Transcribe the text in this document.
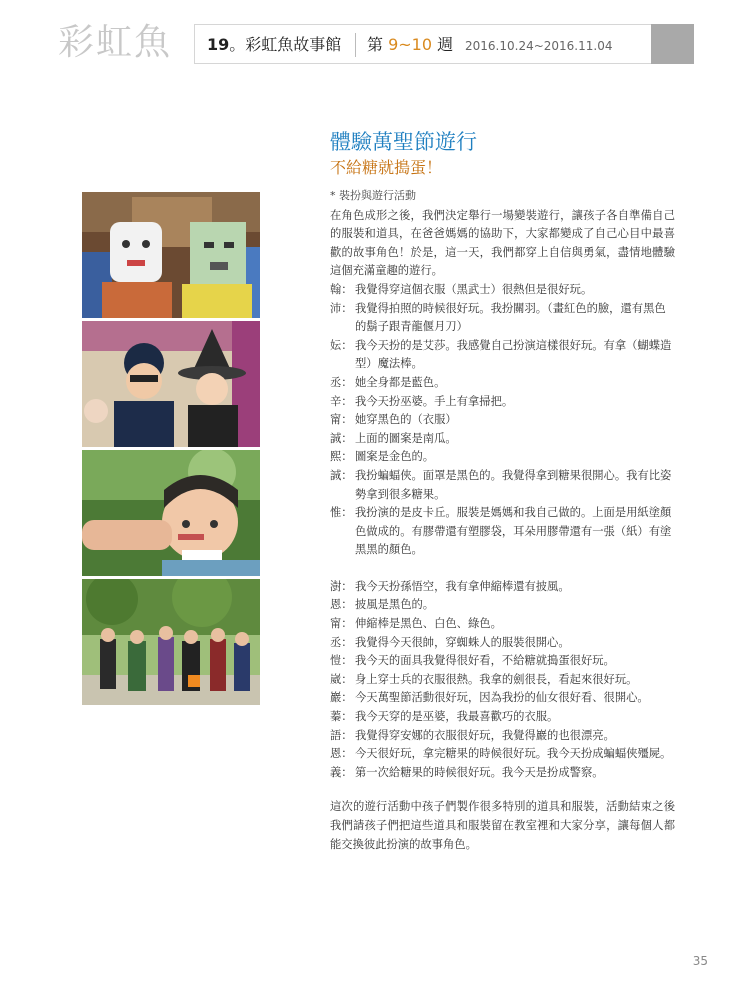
彩虹魚 19。彩虹魚故事館 第 9~10 週 2016.10.24~2016.11.04
體驗萬聖節遊行
不給糖就搗蛋！
* 裝扮與遊行活動
在角色成形之後，我們決定舉行一場變裝遊行，讓孩子各自準備自己的服裝和道具，在爸爸媽媽的協助下，大家都變成了自己心目中最喜歡的故事角色！於是，這一天，我們都穿上自信與勇氣，盡情地體驗這個充滿童趣的遊行。
翰： 我覺得穿這個衣服（黑武士）很熱但是很好玩。
沛： 我覺得拍照的時候很好玩。我扮關羽。（畫紅色的臉，還有黑色的鬍子跟青龍偃月刀）
妘： 我今天扮的是艾莎。我感覺自己扮演這樣很好玩。有拿（蝴蝶造型）魔法棒。
丞： 她全身都是藍色。
辛： 我今天扮巫婆。手上有拿掃把。
甯： 她穿黑色的（衣服）
誠： 上面的圖案是南瓜。
熙： 圖案是金色的。
誠： 我扮蝙蝠俠。面罩是黑色的。我覺得拿到糖果很開心。我有比姿勢拿到很多糖果。
惟： 我扮演的是皮卡丘。服裝是媽媽和我自己做的。上面是用紙塗顏色做成的。有膠帶還有塑膠袋，耳朵用膠帶還有一張（紙）有塗黑黑的顏色。
澍： 我今天扮孫悟空，我有拿伸縮棒還有披風。
恩： 披風是黑色的。
甯： 伸縮棒是黑色、白色、綠色。
丞： 我覺得今天很帥，穿蜘蛛人的服裝很開心。
愷： 我今天的面具我覺得很好看，不給糖就搗蛋很好玩。
崴： 身上穿士兵的衣服很熱。我拿的劍很長，看起來很好玩。
巖： 今天萬聖節活動很好玩，因為我扮的仙女很好看、很開心。
蓁： 我今天穿的是巫婆，我最喜歡巧的衣服。
語： 我覺得穿安娜的衣服很好玩，我覺得巖的也很漂亮。
恩： 今天很好玩，拿完糖果的時候很好玩。我今天扮成蝙蝠俠殭屍。
義： 第一次給糖果的時候很好玩。我今天是扮成警察。
這次的遊行活動中孩子們製作很多特別的道具和服裝，活動結束之後我們請孩子們把這些道具和服裝留在教室裡和大家分享，讓每個人都能交換彼此扮演的故事角色。
35
